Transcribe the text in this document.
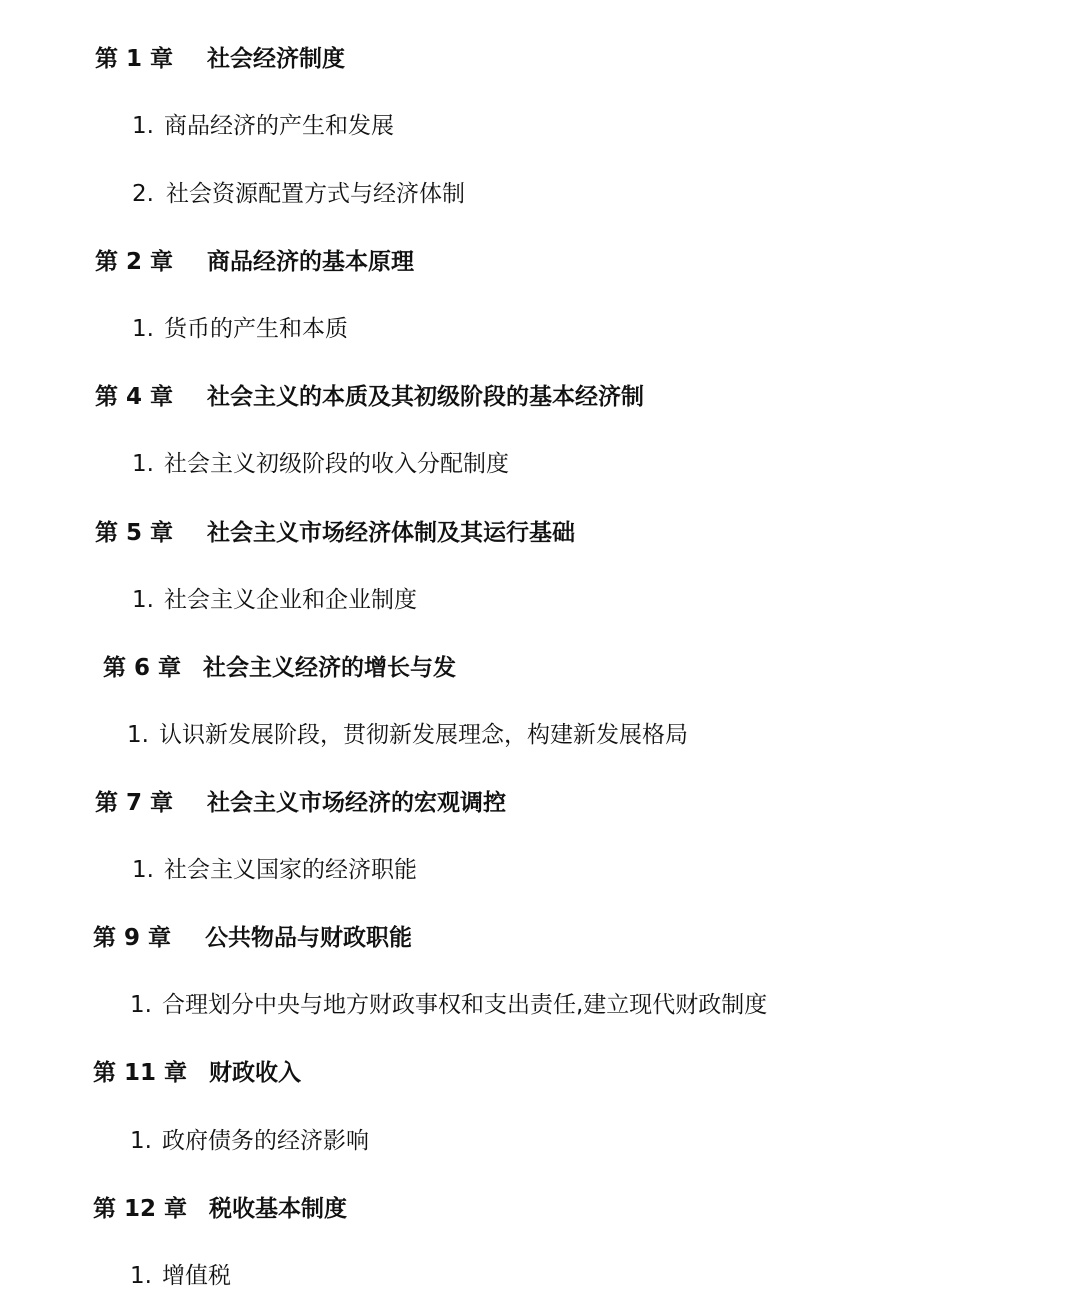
第 1 章 社会经济制度
1. 商品经济的产生和发展
2. 社会资源配置方式与经济体制
第 2 章 商品经济的基本原理
1. 货币的产生和本质
第 4 章 社会主义的本质及其初级阶段的基本经济制
1. 社会主义初级阶段的收入分配制度
第 5 章 社会主义市场经济体制及其运行基础
1. 社会主义企业和企业制度
第 6 章 社会主义经济的增长与发
1. 认识新发展阶段，贯彻新发展理念，构建新发展格局
第 7 章 社会主义市场经济的宏观调控
1. 社会主义国家的经济职能
第 9 章 公共物品与财政职能
1. 合理划分中央与地方财政事权和支出责任,建立现代财政制度
第 11 章 财政收入
1. 政府债务的经济影响
第 12 章 税收基本制度
1. 增值税
